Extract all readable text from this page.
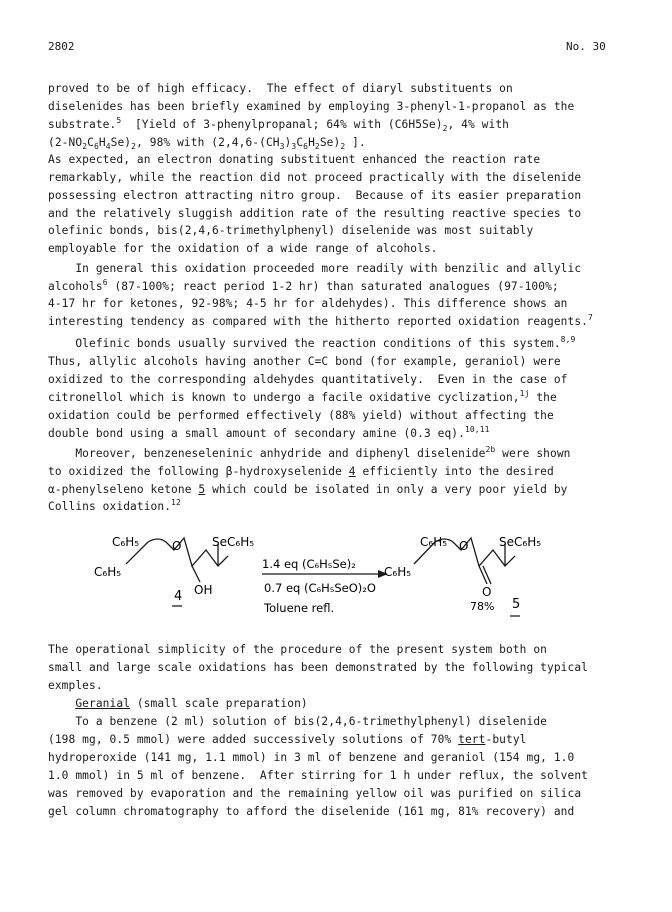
2802	No. 30
proved to be of high efficacy.  The effect of diaryl substituents on
diselenides has been briefly examined by employing 3-phenyl-1-propanol as the
substrate.$^5$  [Yield of 3-phenylpropanal; 64% with $(C6H5Se)_2$, 4% with
$(2-NO_2C_6H_4Se)_2$, 98% with $(2,4,6-(CH_3)_3C_6H_2Se)_2$ ].
As expected, an electron donating substituent enhanced the reaction rate
remarkably, while the reaction did not proceed practically with the diselenide
possessing electron attracting nitro group.  Because of its easier preparation
and the relatively sluggish addition rate of the resulting reactive species to
olefinic bonds, bis(2,4,6-trimethylphenyl) diselenide was most suitably
employable for the oxidation of a wide range of alcohols.
In general this oxidation proceeded more readily with benzilic and allylic
alcohols$^6$ (87-100%; react period 1-2 hr) than saturated analogues (97-100%;
4-17 hr for ketones, 92-98%; 4-5 hr for aldehydes). This difference shows an
interesting tendency as compared with the hitherto reported oxidation reagents.$^7$
Olefinic bonds usually survived the reaction conditions of this system.$^{8,9}$
Thus, allylic alcohols having another C=C bond (for example, geraniol) were
oxidized to the corresponding aldehydes quantitatively.  Even in the case of
citronellol which is known to undergo a facile oxidative cyclization,$^{1j}$ the
oxidation could be performed effectively (88% yield) without affecting the
double bond using a small amount of secondary amine (0.3 eq).$^{10,11}$
Moreover, benzeneseleninic anhydride and diphenyl diselenide$^{2b}$ were shown
to oxidized the following β-hydroxyselenide 4 efficiently into the desired
α-phenylseleno ketone 5 which could be isolated in only a very poor yield by
Collins oxidation.$^{12}$
C₆H₅
C₆H₅
O	SeC₆H₅
OH
4
1.4 eq (C₆H₅Se)₂
0.7 eq (C₆H₅SeO)₂O
Toluene refl.
C₆H₅
C₆H₅
O	SeC₆H₅
O
78% 5
The operational simplicity of the procedure of the present system both on
small and large scale oxidations has been demonstrated by the following typical
exmples.
Geranial (small scale preparation)
To a benzene (2 ml) solution of bis(2,4,6-trimethylphenyl) diselenide
(198 mg, 0.5 mmol) were added successively solutions of 70% tert-butyl
hydroperoxide (141 mg, 1.1 mmol) in 3 ml of benzene and geraniol (154 mg, 1.0
1.0 mmol) in 5 ml of benzene.  After stirring for 1 h under reflux, the solvent
was removed by evaporation and the remaining yellow oil was purified on silica
gel column chromatography to afford the diselenide (161 mg, 81% recovery) and
